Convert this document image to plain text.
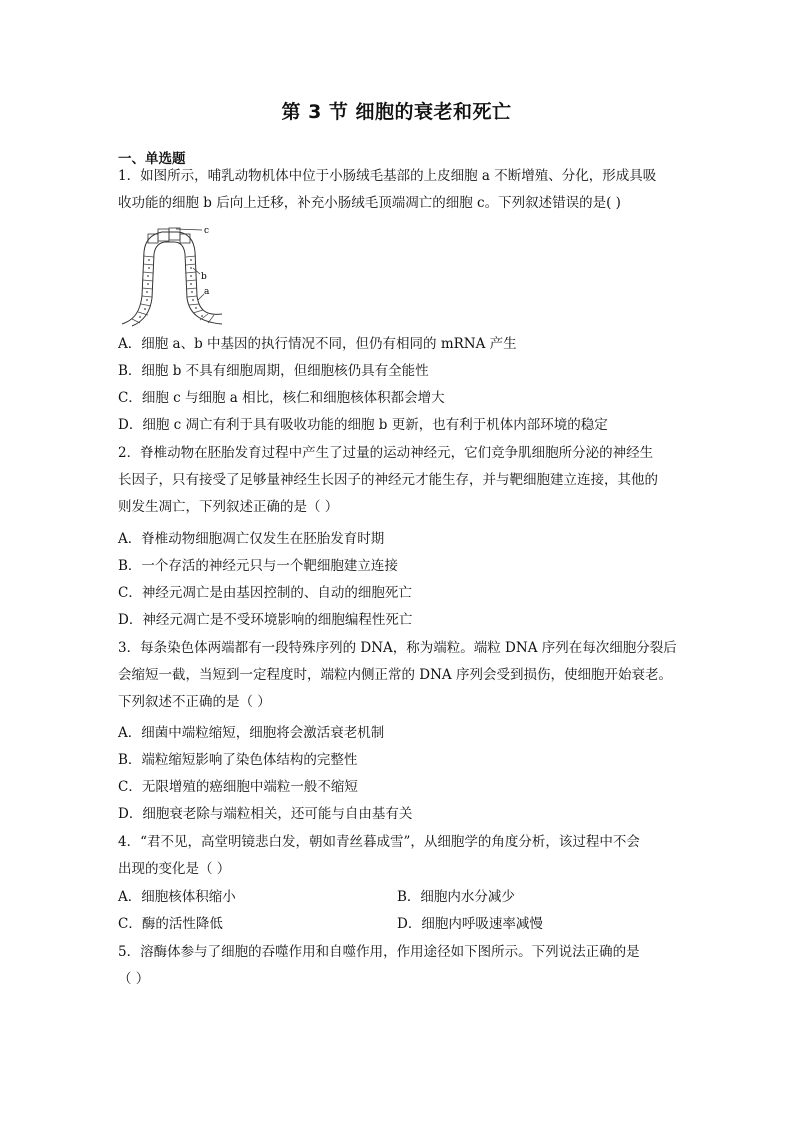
第 3 节 细胞的衰老和死亡
一、单选题
1．如图所示，哺乳动物机体中位于小肠绒毛基部的上皮细胞 a 不断增殖、分化，形成具吸
收功能的细胞 b 后向上迁移，补充小肠绒毛顶端凋亡的细胞 c。下列叙述错误的是( )
c
b
a
A．细胞 a、b 中基因的执行情况不同，但仍有相同的 mRNA 产生
B．细胞 b 不具有细胞周期，但细胞核仍具有全能性
C．细胞 c 与细胞 a 相比，核仁和细胞核体积都会增大
D．细胞 c 凋亡有利于具有吸收功能的细胞 b 更新，也有利于机体内部环境的稳定
2．脊椎动物在胚胎发育过程中产生了过量的运动神经元，它们竞争肌细胞所分泌的神经生
长因子，只有接受了足够量神经生长因子的神经元才能生存，并与靶细胞建立连接，其他的
则发生凋亡，下列叙述正确的是（ ）
A．脊椎动物细胞凋亡仅发生在胚胎发育时期
B．一个存活的神经元只与一个靶细胞建立连接
C．神经元凋亡是由基因控制的、自动的细胞死亡
D．神经元凋亡是不受环境影响的细胞编程性死亡
3．每条染色体两端都有一段特殊序列的 DNA，称为端粒。端粒 DNA 序列在每次细胞分裂后
会缩短一截，当短到一定程度时，端粒内侧正常的 DNA 序列会受到损伤，使细胞开始衰老。
下列叙述不正确的是（ ）
A．细菌中端粒缩短，细胞将会激活衰老机制
B．端粒缩短影响了染色体结构的完整性
C．无限增殖的癌细胞中端粒一般不缩短
D．细胞衰老除与端粒相关，还可能与自由基有关
4．“君不见，高堂明镜悲白发，朝如青丝暮成雪”，从细胞学的角度分析，该过程中不会
出现的变化是（ ）
A．细胞核体积缩小	B．细胞内水分减少
C．酶的活性降低	D．细胞内呼吸速率减慢
5．溶酶体参与了细胞的吞噬作用和自噬作用，作用途径如下图所示。下列说法正确的是
（ ）
